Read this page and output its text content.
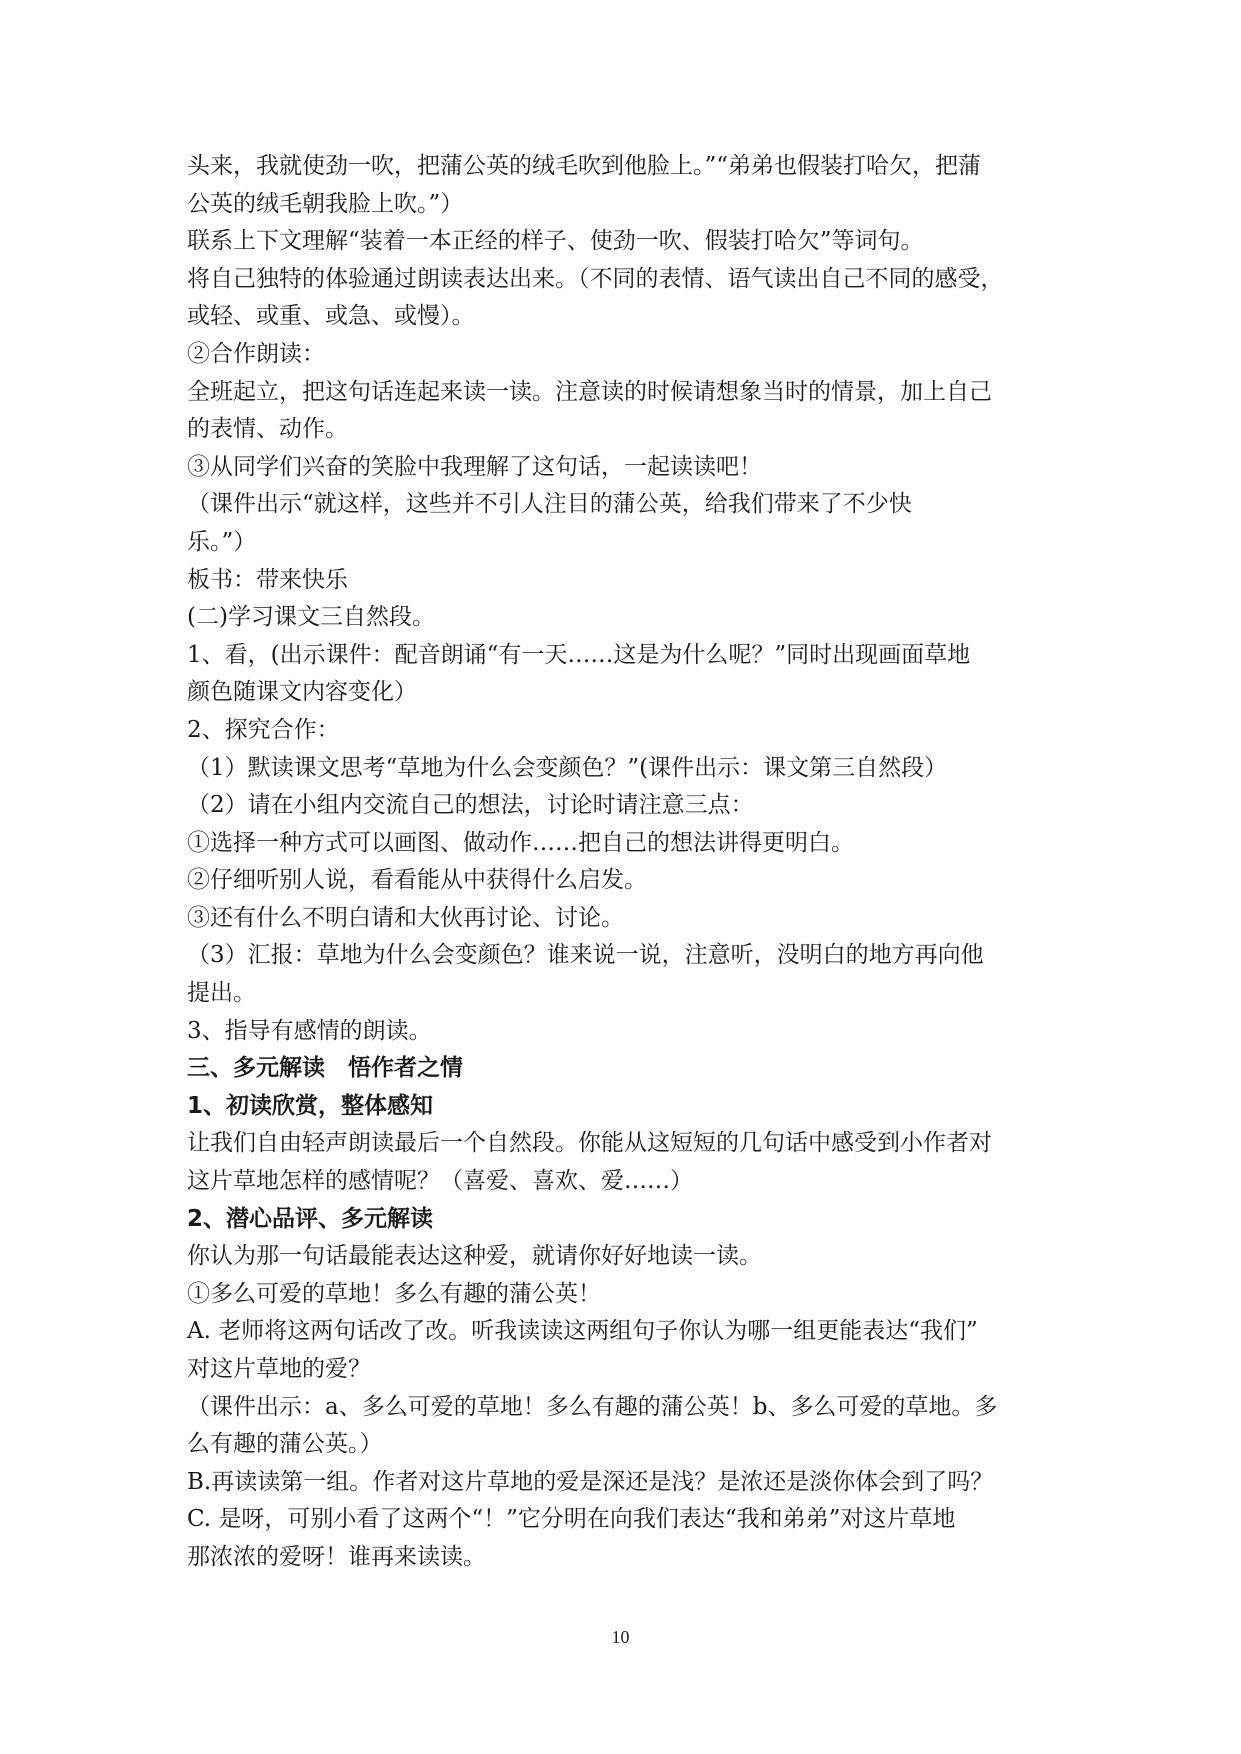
头来，我就使劲一吹，把蒲公英的绒毛吹到他脸上。”“弟弟也假装打哈欠，把蒲
公英的绒毛朝我脸上吹。”）
联系上下文理解“装着一本正经的样子、使劲一吹、假装打哈欠”等词句。
将自己独特的体验通过朗读表达出来。（不同的表情、语气读出自己不同的感受，
或轻、或重、或急、或慢）。
②合作朗读：
全班起立，把这句话连起来读一读。注意读的时候请想象当时的情景，加上自己
的表情、动作。
③从同学们兴奋的笑脸中我理解了这句话，一起读读吧！
（课件出示“就这样，这些并不引人注目的蒲公英，给我们带来了不少快
乐。”）
板书：带来快乐
(二)学习课文三自然段。
1、看，(出示课件：配音朗诵“有一天……这是为什么呢？”同时出现画面草地
颜色随课文内容变化）
2、探究合作：
（1）默读课文思考“草地为什么会变颜色？”(课件出示：课文第三自然段）
（2）请在小组内交流自己的想法，讨论时请注意三点：
①选择一种方式可以画图、做动作……把自己的想法讲得更明白。
②仔细听别人说，看看能从中获得什么启发。
③还有什么不明白请和大伙再讨论、讨论。
（3）汇报：草地为什么会变颜色？谁来说一说，注意听，没明白的地方再向他
提出。
3、指导有感情的朗读。
三、多元解读　悟作者之情
1、初读欣赏，整体感知
让我们自由轻声朗读最后一个自然段。你能从这短短的几句话中感受到小作者对
这片草地怎样的感情呢？（喜爱、喜欢、爱……）
2、潜心品评、多元解读
你认为那一句话最能表达这种爱，就请你好好地读一读。
①多么可爱的草地！多么有趣的蒲公英！
A. 老师将这两句话改了改。听我读读这两组句子你认为哪一组更能表达“我们”
对这片草地的爱？
（课件出示：a、多么可爱的草地！多么有趣的蒲公英！b、多么可爱的草地。多
么有趣的蒲公英。）
B.再读读第一组。作者对这片草地的爱是深还是浅？是浓还是淡你体会到了吗？
C. 是呀，可别小看了这两个“！”它分明在向我们表达“我和弟弟”对这片草地
那浓浓的爱呀！谁再来读读。
10
